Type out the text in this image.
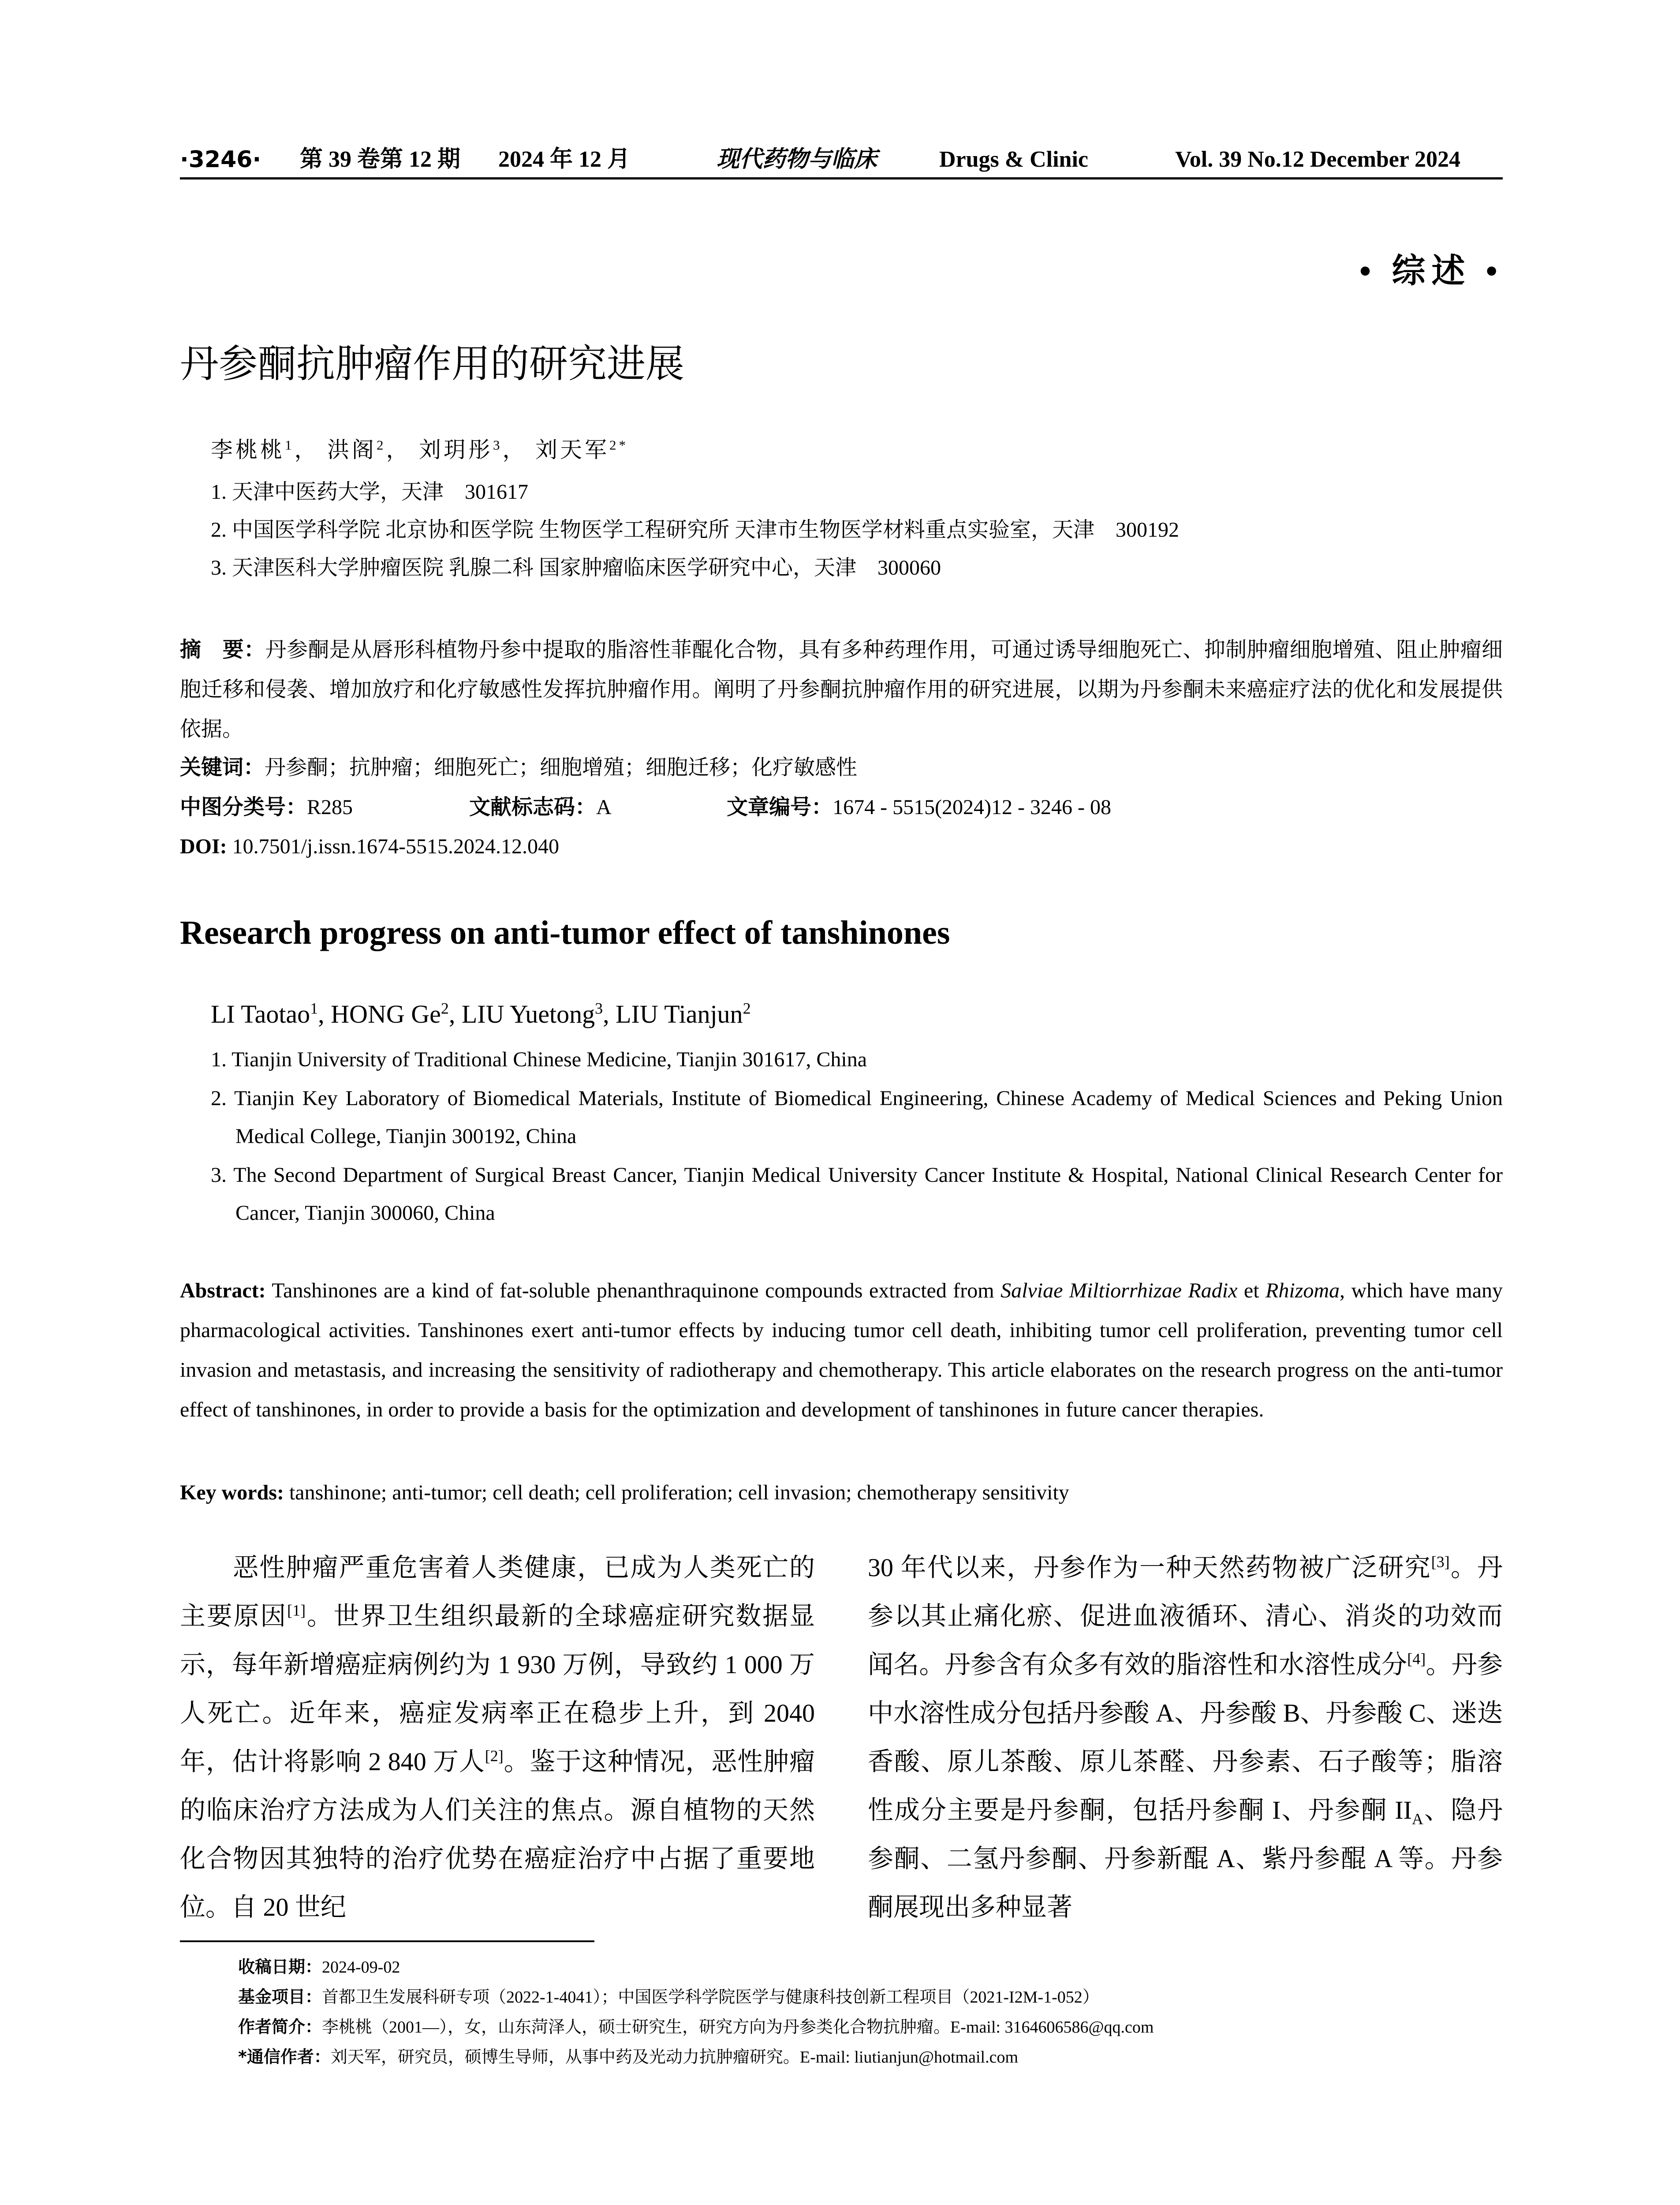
·3246· 第 39 卷第 12 期 2024 年 12 月	现代药物与临床	Drugs & Clinic	Vol. 39 No.12 December 2024
• 综述 •
丹参酮抗肿瘤作用的研究进展
李桃桃$^1$， 洪阁$^2$， 刘玥彤$^3$， 刘天军$^{2*}$
1. 天津中医药大学，天津　301617
2. 中国医学科学院 北京协和医学院 生物医学工程研究所 天津市生物医学材料重点实验室，天津　300192
3. 天津医科大学肿瘤医院 乳腺二科 国家肿瘤临床医学研究中心，天津　300060
摘　要：丹参酮是从唇形科植物丹参中提取的脂溶性菲醌化合物，具有多种药理作用，可通过诱导细胞死亡、抑制肿瘤细胞增殖、阻止肿瘤细胞迁移和侵袭、增加放疗和化疗敏感性发挥抗肿瘤作用。阐明了丹参酮抗肿瘤作用的研究进展，以期为丹参酮未来癌症疗法的优化和发展提供依据。
关键词：丹参酮；抗肿瘤；细胞死亡；细胞增殖；细胞迁移；化疗敏感性
中图分类号：R285	文献标志码：A	文章编号：1674 - 5515(2024)12 - 3246 - 08
DOI: 10.7501/j.issn.1674-5515.2024.12.040
Research progress on anti-tumor effect of tanshinones
LI Taotao$^1$, HONG Ge$^2$, LIU Yuetong$^3$, LIU Tianjun$^2$
1. Tianjin University of Traditional Chinese Medicine, Tianjin 301617, China
2. Tianjin Key Laboratory of Biomedical Materials, Institute of Biomedical Engineering, Chinese Academy of Medical Sciences and Peking Union Medical College, Tianjin 300192, China
3. The Second Department of Surgical Breast Cancer, Tianjin Medical University Cancer Institute & Hospital, National Clinical Research Center for Cancer, Tianjin 300060, China
Abstract: Tanshinones are a kind of fat-soluble phenanthraquinone compounds extracted from Salviae Miltiorrhizae Radix et Rhizoma, which have many pharmacological activities. Tanshinones exert anti-tumor effects by inducing tumor cell death, inhibiting tumor cell proliferation, preventing tumor cell invasion and metastasis, and increasing the sensitivity of radiotherapy and chemotherapy. This article elaborates on the research progress on the anti-tumor effect of tanshinones, in order to provide a basis for the optimization and development of tanshinones in future cancer therapies.
Key words: tanshinone; anti-tumor; cell death; cell proliferation; cell invasion; chemotherapy sensitivity
　　恶性肿瘤严重危害着人类健康，已成为人类死亡的主要原因[1]。世界卫生组织最新的全球癌症研究数据显示，每年新增癌症病例约为 1 930 万例，导致约 1 000 万人死亡。近年来，癌症发病率正在稳步上升，到 2040 年，估计将影响 2 840 万人[2]。鉴于这种情况，恶性肿瘤的临床治疗方法成为人们关注的焦点。源自植物的天然化合物因其独特的治疗优势在癌症治疗中占据了重要地位。自 20 世纪
30 年代以来，丹参作为一种天然药物被广泛研究[3]。丹参以其止痛化瘀、促进血液循环、清心、消炎的功效而闻名。丹参含有众多有效的脂溶性和水溶性成分[4]。丹参中水溶性成分包括丹参酸 A、丹参酸 B、丹参酸 C、迷迭香酸、原儿茶酸、原儿茶醛、丹参素、石子酸等；脂溶性成分主要是丹参酮，包括丹参酮 I、丹参酮 $II_A$、隐丹参酮、二氢丹参酮、丹参新醌 A、紫丹参醌 A 等。丹参酮展现出多种显著
收稿日期：2024-09-02
基金项目：首都卫生发展科研专项（2022-1-4041）；中国医学科学院医学与健康科技创新工程项目（2021-I2M-1-052）
作者简介：李桃桃（2001—），女，山东菏泽人，硕士研究生，研究方向为丹参类化合物抗肿瘤。E-mail: 3164606586@qq.com
*通信作者：刘天军，研究员，硕博生导师，从事中药及光动力抗肿瘤研究。E-mail: liutianjun@hotmail.com
